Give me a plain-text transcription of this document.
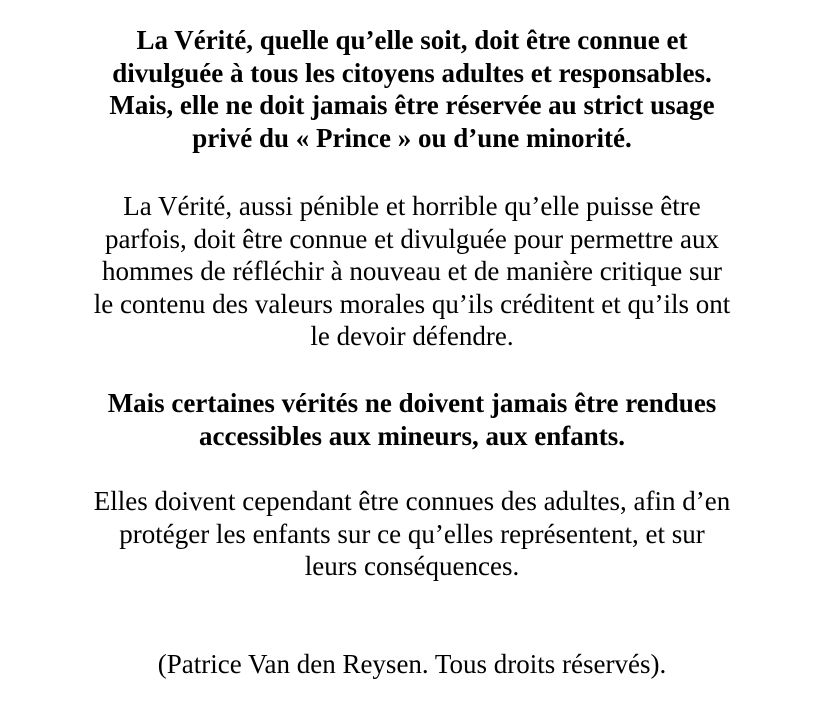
La Vérité, quelle qu’elle soit, doit être connue et
divulguée à tous les citoyens adultes et responsables.
Mais, elle ne doit jamais être réservée au strict usage
privé du « Prince » ou d’une minorité.

La Vérité, aussi pénible et horrible qu’elle puisse être
parfois, doit être connue et divulguée pour permettre aux
hommes de réfléchir à nouveau et de manière critique sur
le contenu des valeurs morales qu’ils créditent et qu’ils ont
le devoir défendre.

Mais certaines vérités ne doivent jamais être rendues
accessibles aux mineurs, aux enfants.

Elles doivent cependant être connues des adultes, afin d’en
protéger les enfants sur ce qu’elles représentent, et sur
leurs conséquences.

(Patrice Van den Reysen. Tous droits réservés).
